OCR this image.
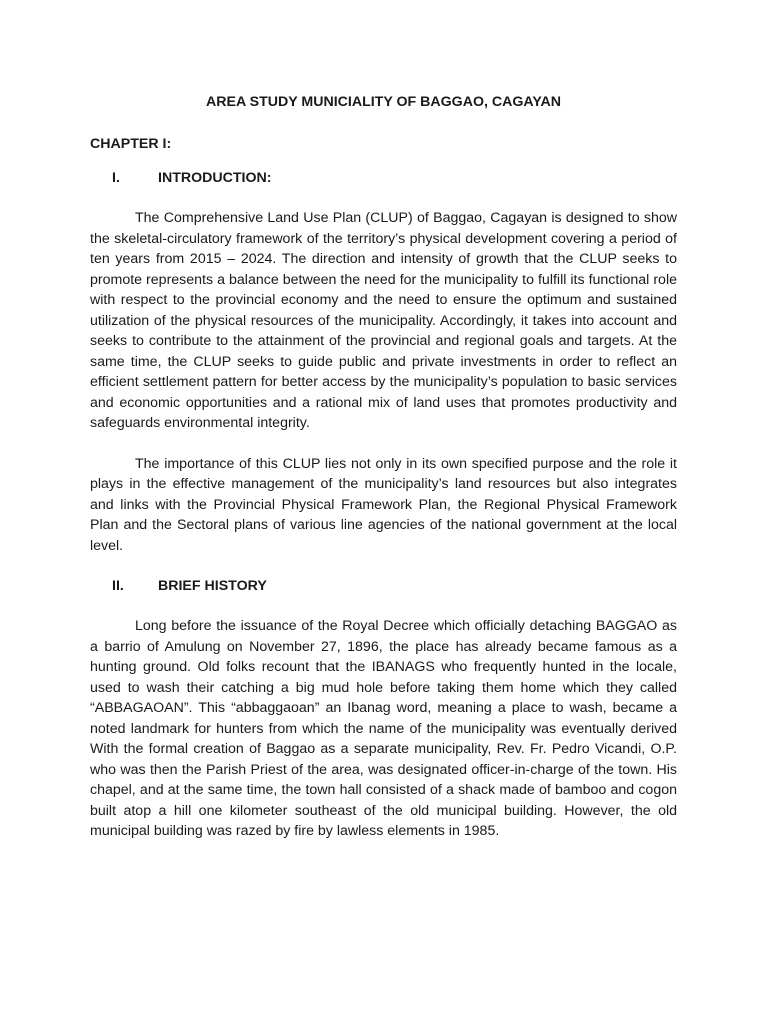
AREA STUDY MUNICIALITY OF BAGGAO, CAGAYAN
CHAPTER I:
I.	INTRODUCTION:

The Comprehensive Land Use Plan (CLUP) of Baggao, Cagayan is designed to show the skeletal-circulatory framework of the territory’s physical development covering a period of ten years from 2015 – 2024. The direction and intensity of growth that the CLUP seeks to promote represents a balance between the need for the municipality to fulfill its functional role with respect to the provincial economy and the need to ensure the optimum and sustained utilization of the physical resources of the municipality. Accordingly, it takes into account and seeks to contribute to the attainment of the provincial and regional goals and targets. At the same time, the CLUP seeks to guide public and private investments in order to reflect an efficient settlement pattern for better access by the municipality’s population to basic services and economic opportunities and a rational mix of land uses that promotes productivity and safeguards environmental integrity.

The importance of this CLUP lies not only in its own specified purpose and the role it plays in the effective management of the municipality’s land resources but also integrates and links with the Provincial Physical Framework Plan, the Regional Physical Framework Plan and the Sectoral plans of various line agencies of the national government at the local level.

II.	BRIEF HISTORY

Long before the issuance of the Royal Decree which officially detaching BAGGAO as a barrio of Amulung on November 27, 1896, the place has already became famous as a hunting ground. Old folks recount that the IBANAGS who frequently hunted in the locale, used to wash their catching a big mud hole before taking them home which they called “ABBAGAOAN”. This “abbaggaoan” an Ibanag word, meaning a place to wash, became a noted landmark for hunters from which the name of the municipality was eventually derived With the formal creation of Baggao as a separate municipality, Rev. Fr. Pedro Vicandi, O.P. who was then the Parish Priest of the area, was designated officer-in-charge of the town. His chapel, and at the same time, the town hall consisted of a shack made of bamboo and cogon built atop a hill one kilometer southeast of the old municipal building. However, the old municipal building was razed by fire by lawless elements in 1985.
